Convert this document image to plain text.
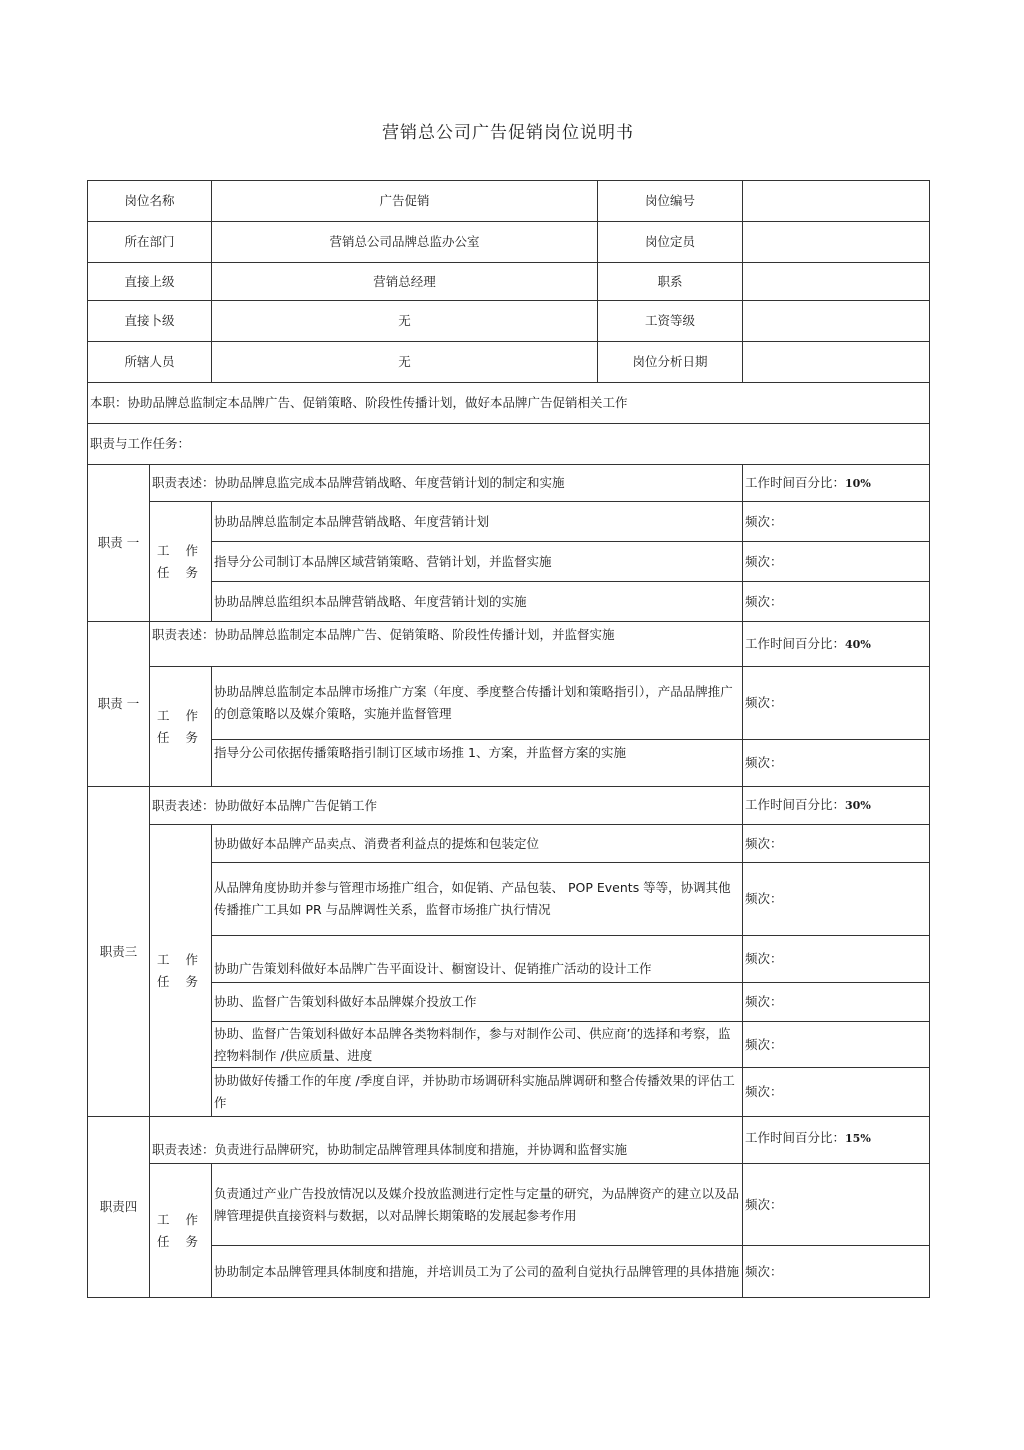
营销总公司广告促销岗位说明书
岗位名称		广告促销	岗位编号	
所在部门		营销总公司品牌总监办公室	岗位定员	
直接上级		营销总经理	职系	
直接卜级		无	工资等级	
所辖人员		无	岗位分析日期	
本职：协助品牌总监制定本品牌广告、促销策略、阶段性传播计划，做好本品牌广告促销相关工作				
职责与工作任务：				
职责 一	职责表述：协助品牌息监完成本品牌营销战略、年度营销计划的制定和实施			工作时间百分比：10%
	工 作 任 务	协助品牌总监制定本品牌营销战略、年度营销计划		频次：
		指导分公司制订本品牌区域营销策略、营销计划，并监督实施		频次：
		协助品牌总监组织本品牌营销战略、年度营销计划的实施		频次：
职责 一	职责表述：协助品牌总监制定本品牌广告、促销策略、阶段性传播计划，并监督实施			工作时间百分比：40%
	工 作 任 务	协助品牌总监制定本品牌市场推广方案（年度、季度整合传播计划和策略指引），产品品牌推广的创意策略以及媒介策略，实施并监督管理		频次：
		指导分公司依据传播策略指引制订区域市场推 1、方案，并监督方案的实施		频次：
职责三	职责表述：协助做好本品牌广告促销工作			工作时间百分比：30%
	工 作 任 务	协助做好本品牌产品卖点、消费者利益点的提炼和包装定位		频次：
		从品牌角度协助并参与管理市场推广组合，如促销、产品包装、 POP Events 等等，协调其他传播推广工具如 PR 与品牌调性关系，监督市场推广执行情况		频次：
		协助广告策划科做好本品牌广告平面设计、橱窗设计、促销推广活动的设计工作		频次：
		协助、监督广告策划科做好本品牌媒介投放工作		频次：
		协助、监督广告策划科做好本品牌各类物料制作，参与对制作公司、供应商’的选择和考察，监控物料制作 /供应质量、进度		频次：
		协助做好传播工作的年度 /季度自评，并协助市场调研科实施品牌调研和整合传播效果的评估工作		频次：
职责四	职责表述：负责进行品牌研究，协助制定品牌管理具体制度和措施，并协调和监督实施			工作时间百分比：15%
	工 作 任 务	负责通过产业广告投放情况以及媒介投放监测进行定性与定量的研究，为品牌资产的建立以及品牌管理提供直接资料与数据，以对品牌长期策略的发展起参考作用		频次：
		协助制定本品牌管理具体制度和措施，并培训员工为了公司的盈利自觉执行品牌管理的具体措施		频次：
